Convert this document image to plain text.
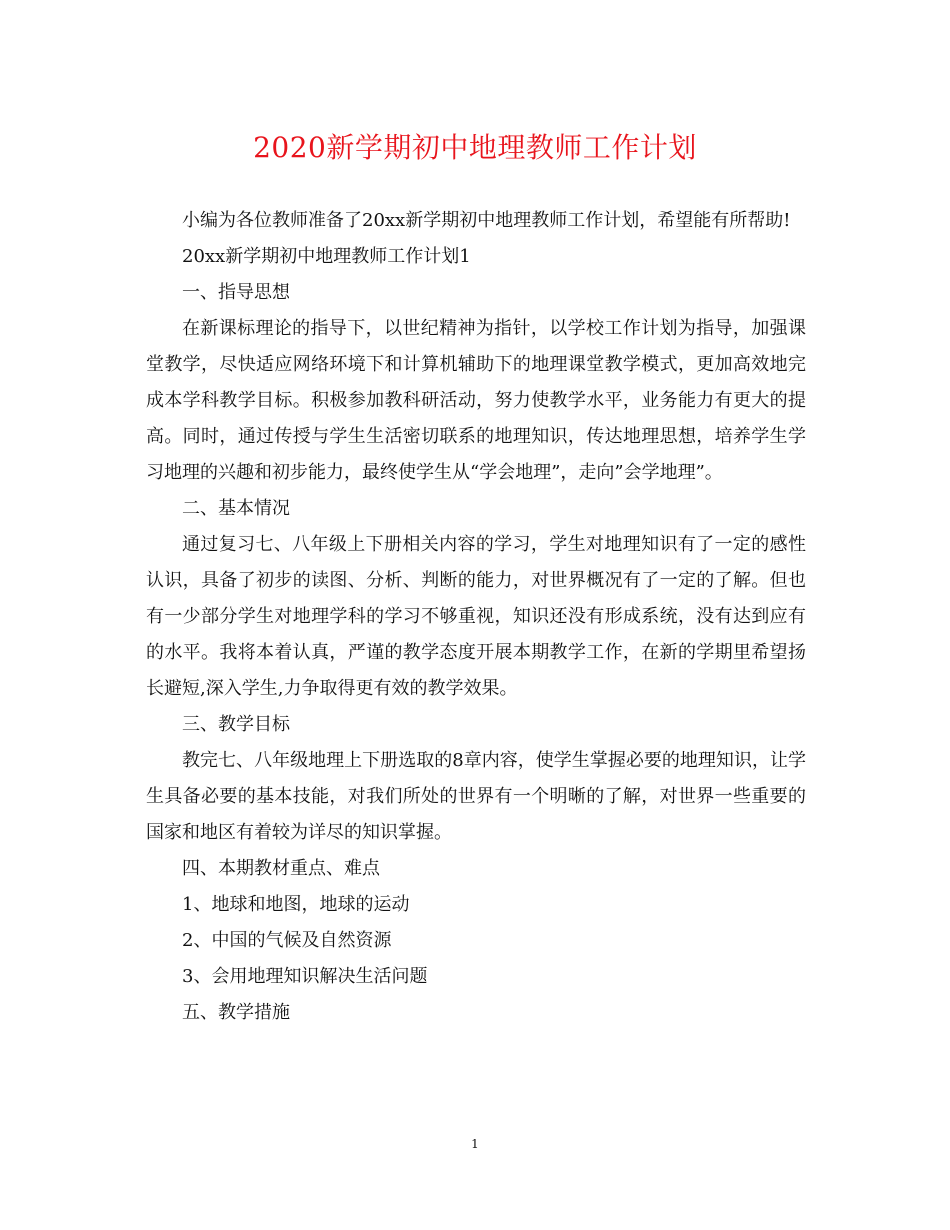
2020新学期初中地理教师工作计划

小编为各位教师准备了20xx新学期初中地理教师工作计划，希望能有所帮助!

20xx新学期初中地理教师工作计划1

一、指导思想

在新课标理论的指导下，以世纪精神为指针，以学校工作计划为指导，加强课堂教学，尽快适应网络环境下和计算机辅助下的地理课堂教学模式，更加高效地完成本学科教学目标。积极参加教科研活动，努力使教学水平，业务能力有更大的提高。同时，通过传授与学生生活密切联系的地理知识，传达地理思想，培养学生学习地理的兴趣和初步能力，最终使学生从“学会地理”，走向”会学地理”。

二、基本情况

通过复习七、八年级上下册相关内容的学习，学生对地理知识有了一定的感性认识，具备了初步的读图、分析、判断的能力，对世界概况有了一定的了解。但也有一少部分学生对地理学科的学习不够重视，知识还没有形成系统，没有达到应有的水平。我将本着认真，严谨的教学态度开展本期教学工作，在新的学期里希望扬长避短,深入学生,力争取得更有效的教学效果。

三、教学目标

教完七、八年级地理上下册选取的8章内容，使学生掌握必要的地理知识，让学生具备必要的基本技能，对我们所处的世界有一个明晰的了解，对世界一些重要的国家和地区有着较为详尽的知识掌握。

四、本期教材重点、难点

1、地球和地图，地球的运动

2、中国的气候及自然资源

3、会用地理知识解决生活问题

五、教学措施

1
